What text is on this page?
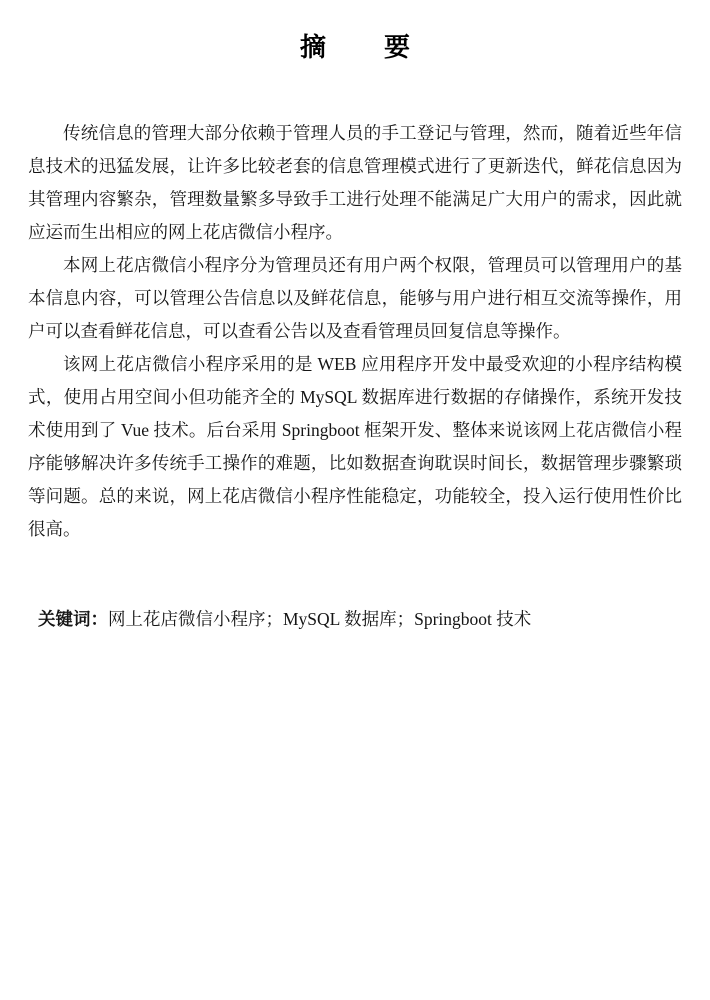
摘 要
传统信息的管理大部分依赖于管理人员的手工登记与管理，然而，随着近些年信
息技术的迅猛发展，让许多比较老套的信息管理模式进行了更新迭代，鲜花信息因为
其管理内容繁杂，管理数量繁多导致手工进行处理不能满足广大用户的需求，因此就
应运而生出相应的网上花店微信小程序。
本网上花店微信小程序分为管理员还有用户两个权限，管理员可以管理用户的基
本信息内容，可以管理公告信息以及鲜花信息，能够与用户进行相互交流等操作，用
户可以查看鲜花信息，可以查看公告以及查看管理员回复信息等操作。
该网上花店微信小程序采用的是 WEB 应用程序开发中最受欢迎的小程序结构模
式，使用占用空间小但功能齐全的 MySQL 数据库进行数据的存储操作，系统开发技
术使用到了 Vue 技术。后台采用 Springboot 框架开发、整体来说该网上花店微信小程
序能够解决许多传统手工操作的难题，比如数据查询耽误时间长，数据管理步骤繁琐
等问题。总的来说，网上花店微信小程序性能稳定，功能较全，投入运行使用性价比
很高。
关键词：网上花店微信小程序；MySQL 数据库；Springboot 技术
